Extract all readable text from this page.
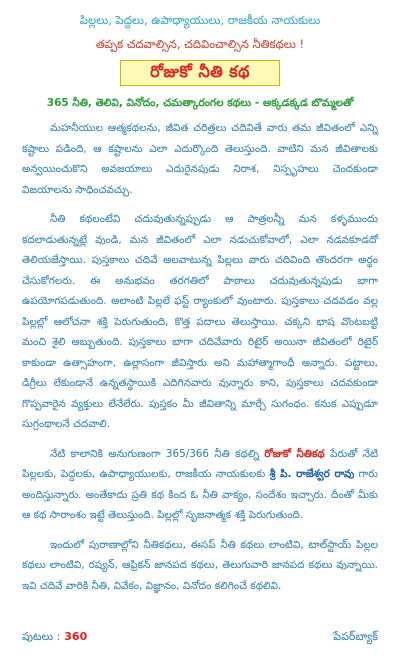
పిల్లలు, పెద్దలు, ఉపాధ్యాయులు, రాజకీయ నాయకులు
తప్పక చదవాల్సిన, చదివించాల్సిన నీతికథలు !
రోజుకో నీతి కథ
365 నీతి, తెలివి, వినోదం, చమత్కారంగల కథలు - అక్కడక్కడ బొమ్మలతో

మహనీయుల ఆత్మకథలను, జీవిత చరిత్రలు చదివితే వారు తమ జీవితంలో ఎన్ని కష్టాలు పడింది, ఆ కష్టాలను ఎలా ఎదుర్కొంది తెలుస్తుంది. వాటిని మన జీవితాలకు అన్వయించుకొని అవజయాలు ఎదురైనపుడు నిరాశ, నిస్పృహలు చెందకుండా విజయాలను సాధించవచ్చు.

నీతి కథలంటేవి చదువుతున్నప్పుడు ఆ పాత్రలన్నీ మన కళ్ళముందు కదలాడుతున్నట్లే వుండి, మన జీవితంలో ఎలా నడుచుకోవాలో, ఎలా నడవకూడదో తెలియజేస్తాయి. పుస్తకాలు చదివే అలవాటున్న పిల్లలు వారు చదివింది తొందరగా అర్థం చేసుకోగలరు. ఈ అనుభవం తరగతిలో పాఠాలు చదువుతున్నపుడు బాగా ఉపయోగపడుతుంది. అలాంటి పిల్లలే ఫస్ట్ ర్యాంకులో వుంటారు. పుస్తకాలు చదవడం వల్ల పిల్లల్లో ఆలోచనా శక్తి పెరుగుతుంది, కొత్త పదాలు తెలుస్తాయి. చక్కని భాష వొంటబట్టి మంచి శైలి అబ్బుతుంది. పుస్తకాలు బాగా చదివేవారు రిటైర్ అయినా జీవితంలో రిటైర్ కాకుండా ఉత్సాహంగా, ఉల్లాసంగా జీవిస్తారు అని మహాత్మాగాంధీ అన్నారు. పట్టాలు, డిగ్రీలు లేకుండానే ఉన్నతస్థాయికి ఎదిగినవారు వున్నారు కాని, పుస్తకాలు చదవకుండా గొప్పవారైన వ్యక్తులు లేనేలేరు. పుస్తకం మీ జీవితాన్ని మార్చే సుగంధం. కనుక ఎప్పుడూ సుగ్రంథాలనే చదవాలి.

నేటి కాలానికి అనుగుణంగా 365/366 నీతి కథల్ని రోజుకో నీతికథ పేరుతో నేటి పిల్లలకు, పెద్దలకు, ఉపాధ్యాయులకు, రాజకీయ నాయకులకు శ్రీ పి. రాజేశ్వర రావు గారు అందిస్తున్నారు. అంతేకాదు ప్రతి కథ కింద ఓ నీతి వాక్యం, సందేశం ఇచ్చారు. దీంతో మీకు ఆ కథ సారాంశం ఇట్టే తెలుస్తుంది. పిల్లల్లో సృజనాత్మక శక్తి పెరుగుతుంది.

ఇందులో పురాణాల్లోని నీతికథలు, ఈసప్ నీతి కథలు లాంటివి, టాల్‌స్టాయ్ పిల్లల కథలు లాంటివి, రష్యన్, ఆఫ్రికన్ జానపద కథలు, తెలుగువారి జానపద కథలు వున్నాయి. ఇవి చదివే వారికి నీతి, వివేకం, విజ్ఞానం, వినోదం కలిగించే కథలివి.

పుటలు : 360	పేపర్‌బ్యాక్
